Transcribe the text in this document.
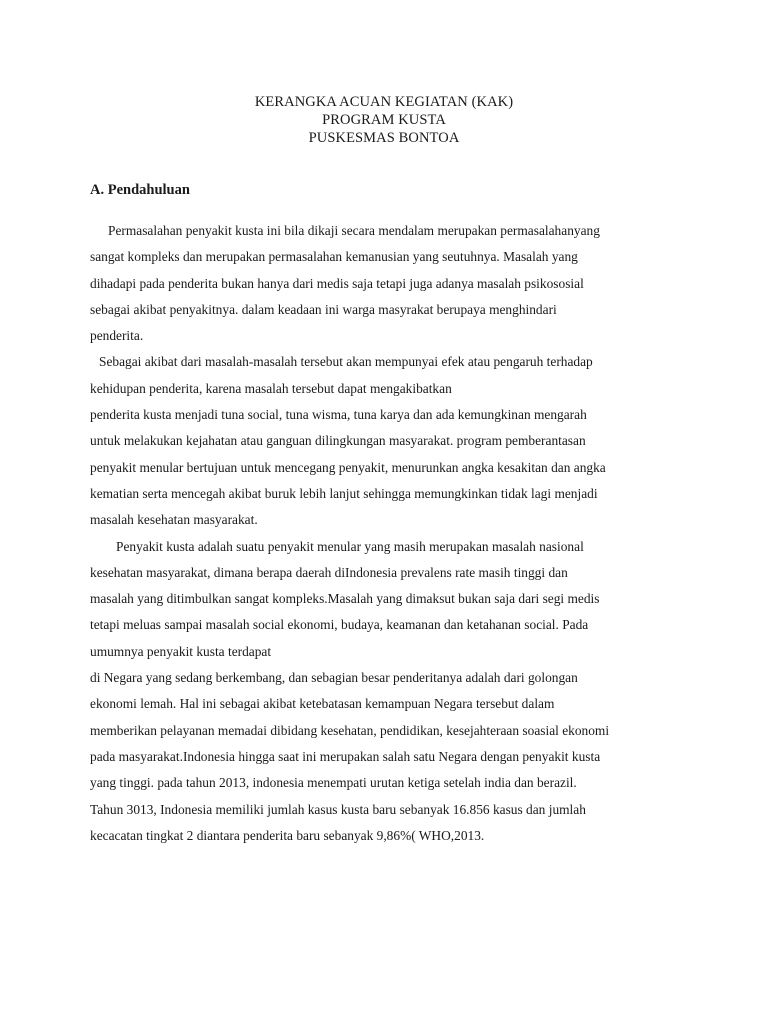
KERANGKA ACUAN KEGIATAN (KAK)
PROGRAM KUSTA
PUSKESMAS BONTOA
A. Pendahuluan
Permasalahan penyakit kusta ini bila dikaji secara mendalam merupakan permasalahanyang
sangat kompleks dan merupakan permasalahan kemanusian yang seutuhnya. Masalah yang
dihadapi pada penderita bukan hanya dari medis saja tetapi juga adanya masalah psikososial
sebagai akibat penyakitnya. dalam keadaan ini warga masyrakat berupaya menghindari
penderita.
Sebagai akibat dari masalah-masalah tersebut akan mempunyai efek atau pengaruh terhadap
kehidupan penderita, karena masalah tersebut dapat mengakibatkan
penderita kusta menjadi tuna social, tuna wisma, tuna karya dan ada kemungkinan mengarah
untuk melakukan kejahatan atau ganguan dilingkungan masyarakat. program pemberantasan
penyakit menular bertujuan untuk mencegang penyakit, menurunkan angka kesakitan dan angka
kematian serta mencegah akibat buruk lebih lanjut sehingga memungkinkan tidak lagi menjadi
masalah kesehatan masyarakat.
Penyakit kusta adalah suatu penyakit menular yang masih merupakan masalah nasional
kesehatan masyarakat, dimana berapa daerah diIndonesia prevalens rate masih tinggi dan
masalah yang ditimbulkan sangat kompleks.Masalah yang dimaksut bukan saja dari segi medis
tetapi meluas sampai masalah social ekonomi, budaya, keamanan dan ketahanan social. Pada
umumnya penyakit kusta terdapat
di Negara yang sedang berkembang, dan sebagian besar penderitanya adalah dari golongan
ekonomi lemah. Hal ini sebagai akibat ketebatasan kemampuan Negara tersebut dalam
memberikan pelayanan memadai dibidang kesehatan, pendidikan, kesejahteraan soasial ekonomi
pada masyarakat.Indonesia hingga saat ini merupakan salah satu Negara dengan penyakit kusta
yang tinggi. pada tahun 2013, indonesia menempati urutan ketiga setelah india dan berazil.
Tahun 3013, Indonesia memiliki jumlah kasus kusta baru sebanyak 16.856 kasus dan jumlah
kecacatan tingkat 2 diantara penderita baru sebanyak 9,86%( WHO,2013.
